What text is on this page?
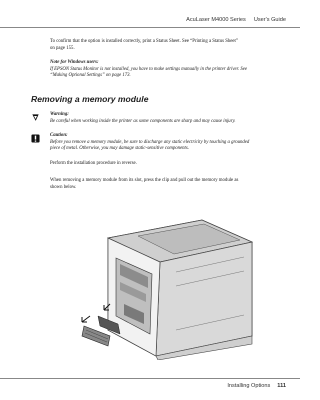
AcuLaser M4000 Series User's Guide
To confirm that the option is installed correctly, print a Status Sheet. See “Printing a Status Sheet”
on page 155.
Note for Windows users:
If EPSON Status Monitor is not installed, you have to make settings manually in the printer driver. See
“Making Optional Settings” on page 173.
Removing a memory module
Warning:
Be careful when working inside the printer as some components are sharp and may cause injury.
Caution:
Before you remove a memory module, be sure to discharge any static electricity by touching a grounded
piece of metal. Otherwise, you may damage static-sensitive components.
Perform the installation procedure in reverse.
When removing a memory module from its slot, press the clip and pull out the memory module as
shown below.
Installing Options 111
